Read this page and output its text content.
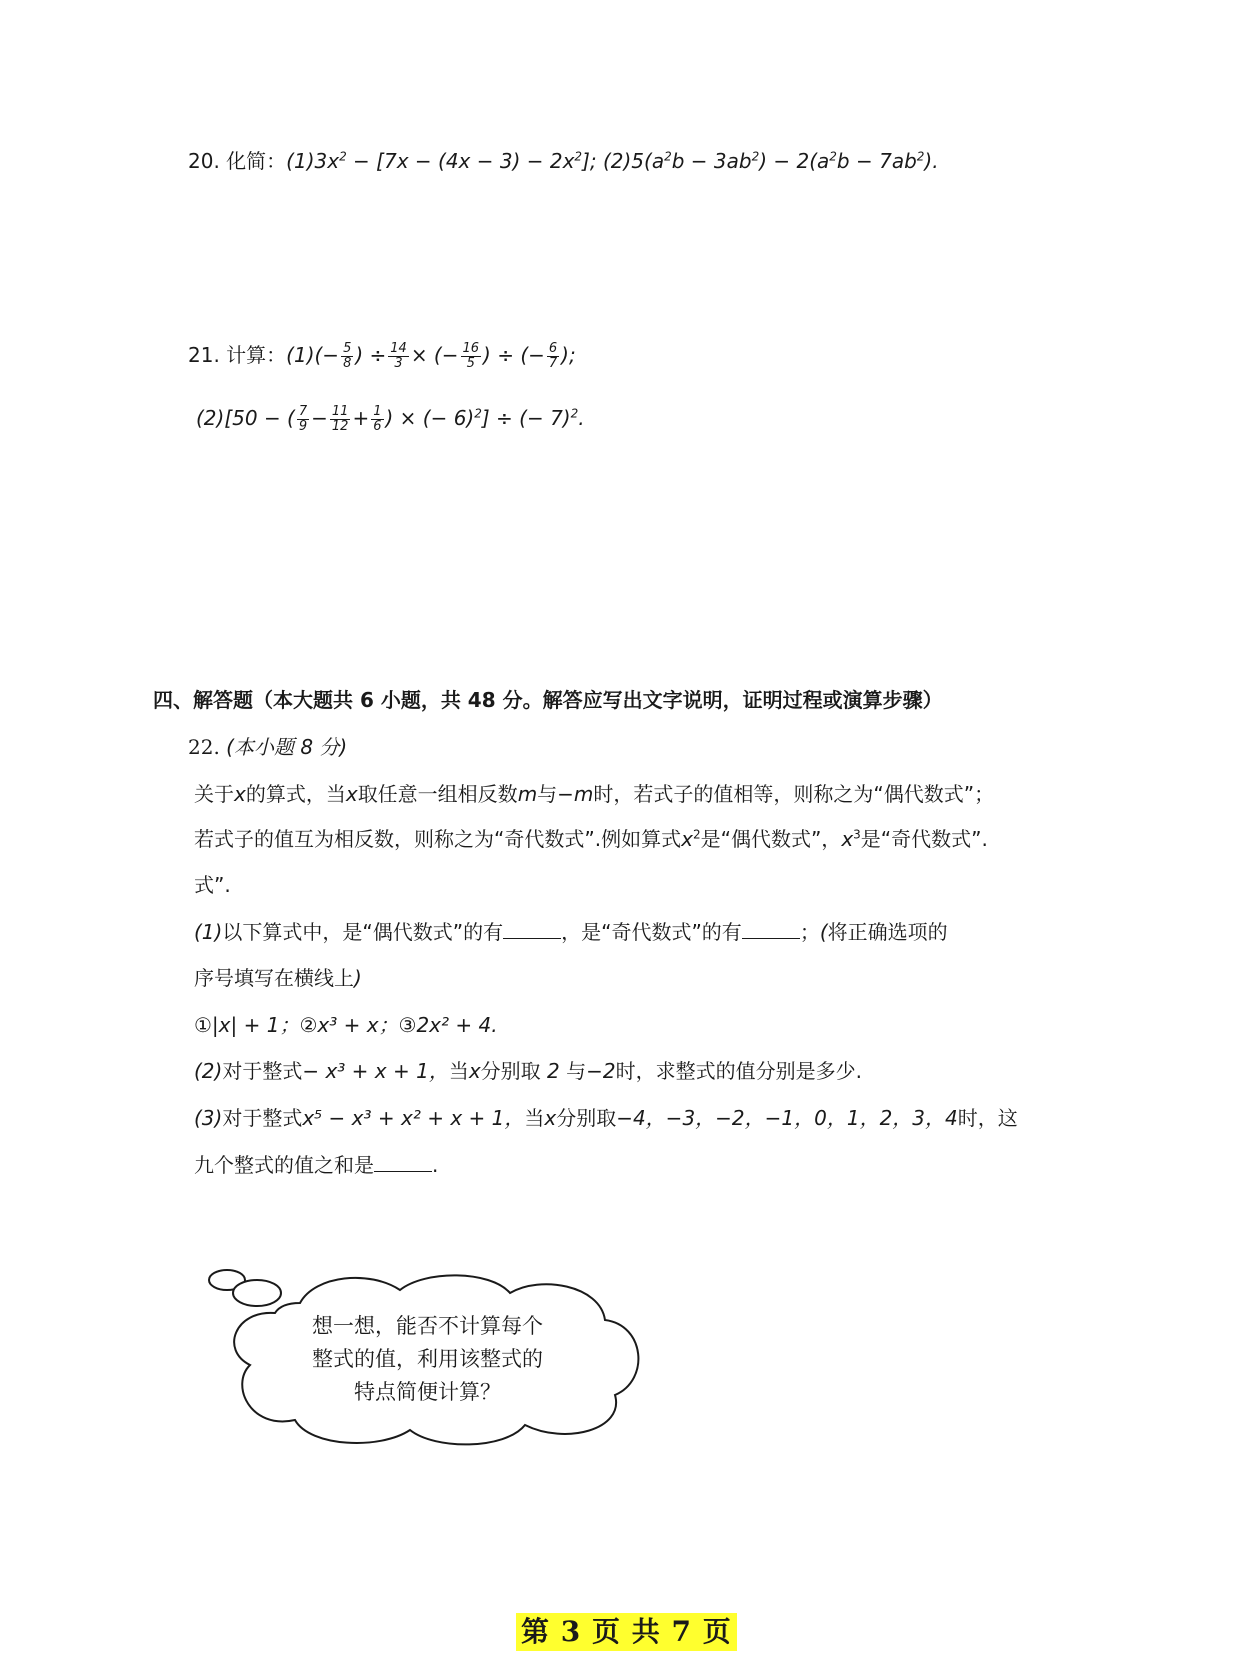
20. 化简：$(1)3x^2 - [7x - (4x - 3) - 2x^2]$; $(2)5(a^2b - 3ab^2) - 2(a^2b - 7ab^2)$.
21. 计算：$(1)(- \frac{5}{8}$ ) ÷ $\frac{14}{3}$ × (− $\frac{16}{5}$ ) ÷ (− $\frac{6}{7}$ );
(2)[50 − ( $\frac{7}{9} - \frac{11}{12} + \frac{1}{6}$ ) × (− 6)$^2$] ÷ (− 7)$^2$.
四、解答题（本大题共 6 小题，共 48 分。解答应写出文字说明，证明过程或演算步骤）
22. (本小题 8 分)
关于x的算式，当x取任意一组相反数m与−m时，若式子的值相等，则称之为“偶代数式”；
若式子的值互为相反数，则称之为“奇代数式”.例如算式$x^2$是“偶代数式”，$x^3$是“奇代数式”.
式”.
(1)以下算式中，是“偶代数式”的有	，是“奇代数式”的有	；(将正确选项的
序号填写在横线上)
①|x| + 1；②x³ + x；③2x² + 4.
(2)对于整式− x³ + x + 1，当x分别取 2 与−2时，求整式的值分别是多少.
(3)对于整式x⁵ − x³ + x² + x + 1，当x分别取−4，−3，−2，−1，0，1，2，3，4时，这
九个整式的值之和是	.
想一想，能否不计算每个
整式的值，利用该整式的
特点简便计算？
第 3 页 共 7 页
